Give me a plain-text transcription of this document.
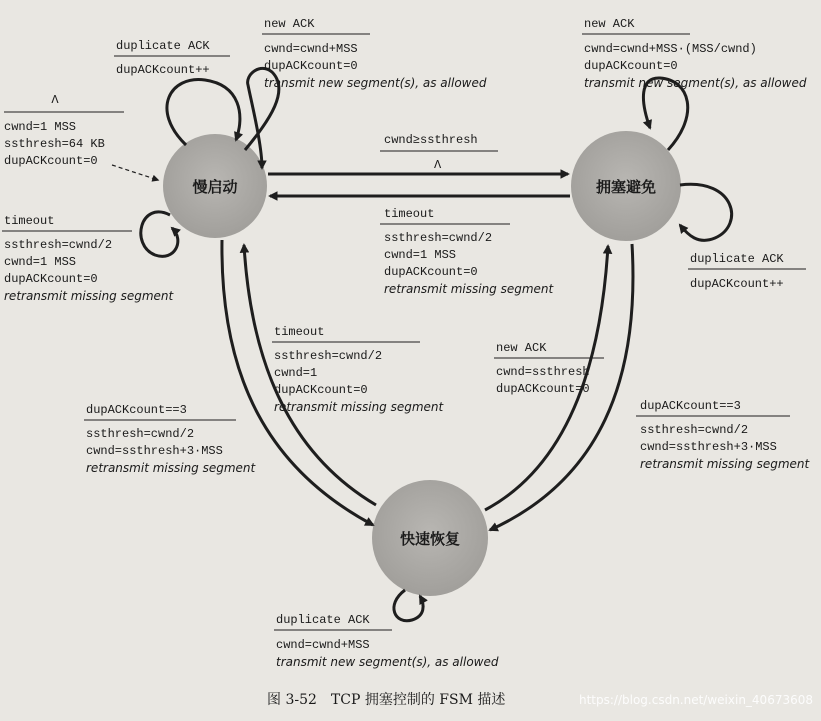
慢启动	拥塞避免
快速恢复
Λ
cwnd=1 MSS
ssthresh=64 KB
dupACKcount=0
duplicate ACK
dupACKcount++
new ACK
cwnd=cwnd+MSS
dupACKcount=0
transmit new segment(s), as allowed
timeout
ssthresh=cwnd/2
cwnd=1 MSS
dupACKcount=0
retransmit missing segment
cwnd≥ssthresh
Λ
new ACK
cwnd=cwnd+MSS·(MSS/cwnd)
dupACKcount=0
transmit new segment(s), as allowed
timeout
ssthresh=cwnd/2
cwnd=1 MSS
dupACKcount=0
retransmit missing segment
duplicate ACK
dupACKcount++
timeout
ssthresh=cwnd/2
cwnd=1
dupACKcount=0
retransmit missing segment
new ACK
cwnd=ssthresh
dupACKcount=0
dupACKcount==3
ssthresh=cwnd/2
cwnd=ssthresh+3·MSS
retransmit missing segment
dupACKcount==3
ssthresh=cwnd/2
cwnd=ssthresh+3·MSS
retransmit missing segment
duplicate ACK
cwnd=cwnd+MSS
transmit new segment(s), as allowed
图 3-52　TCP 拥塞控制的 FSM 描述	https://blog.csdn.net/weixin_40673608
